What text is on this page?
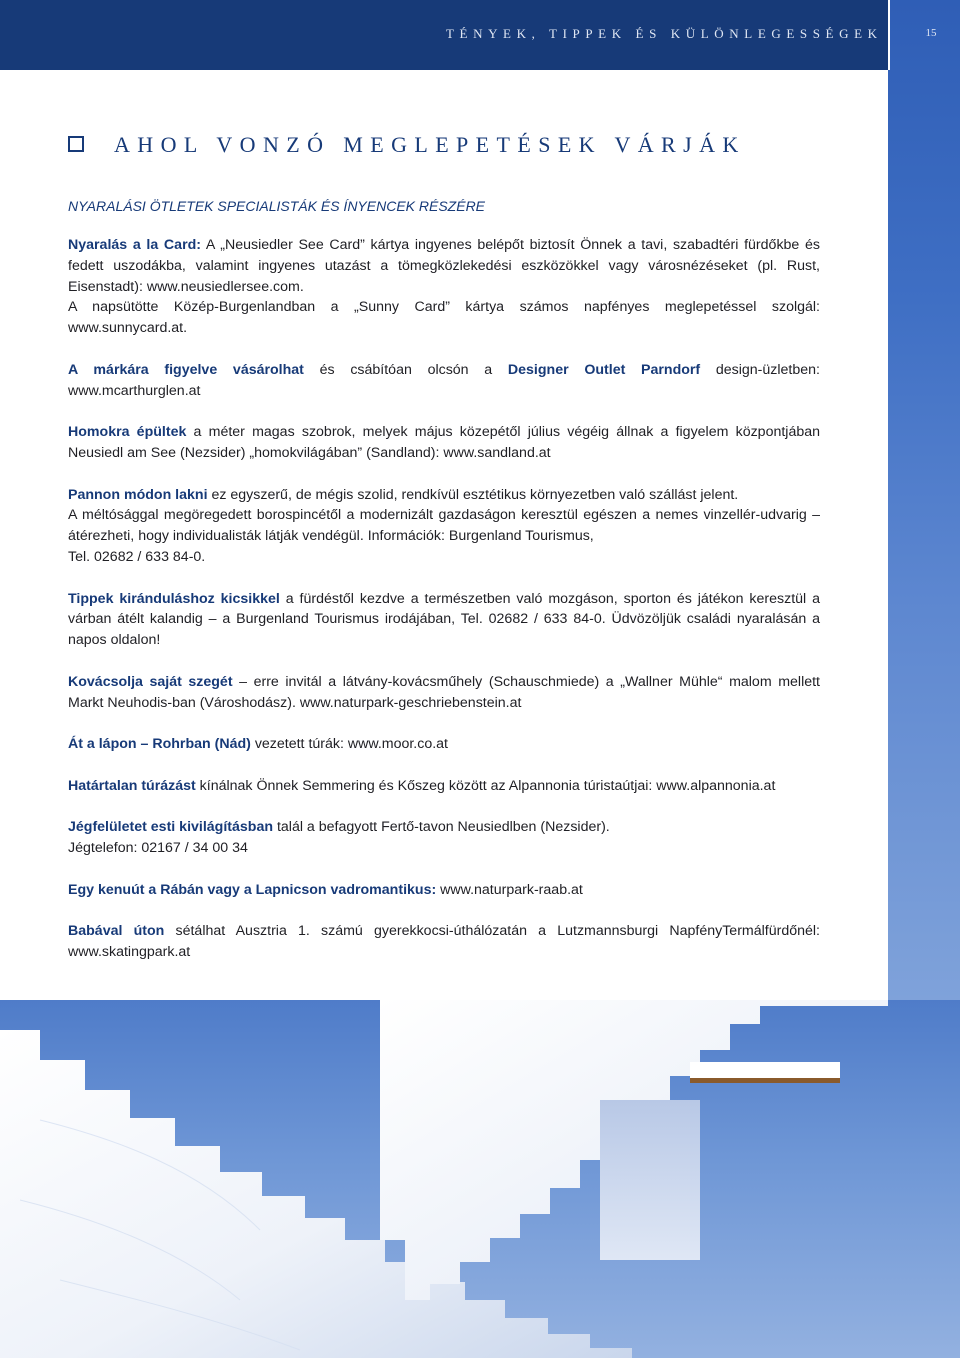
TÉNYEK, TIPPEK ÉS KÜLÖNLEGESSÉGEK	15
AHOL VONZÓ MEGLEPETÉSEK VÁRJÁK
NYARALÁSI ÖTLETEK SPECIALISTÁK ÉS ÍNYENCEK RÉSZÉRE

Nyaralás a la Card: A „Neusiedler See Card” kártya ingyenes belépőt biztosít Önnek a tavi, szabadtéri fürdőkbe és fedett uszodákba, valamint ingyenes utazást a tömegközlekedési eszközökkel vagy városnézéseket (pl. Rust, Eisenstadt): www.neusiedlersee.com.
A napsütötte Közép-Burgenlandban a „Sunny Card” kártya számos napfényes meglepetéssel szolgál: www.sunnycard.at.

A márkára figyelve vásárolhat és csábítóan olcsón a Designer Outlet Parndorf design-üzletben: www.mcarthurglen.at

Homokra épültek a méter magas szobrok, melyek május közepétől július végéig állnak a figyelem központjában Neusiedl am See (Nezsider) „homokvilágában” (Sandland): www.sandland.at

Pannon módon lakni ez egyszerű, de mégis szolid, rendkívül esztétikus környezetben való szállást jelent.
A méltósággal megöregedett borospincétől a modernizált gazdaságon keresztül egészen a nemes vinzellér-udvarig – átérezheti, hogy individualisták látják vendégül. Információk: Burgenland Tourismus,
Tel. 02682 / 633 84-0.

Tippek kiránduláshoz kicsikkel a fürdéstől kezdve a természetben való mozgáson, sporton és játékon keresztül a várban átélt kalandig – a Burgenland Tourismus irodájában, Tel. 02682 / 633 84-0. Üdvözöljük családi nyaralásán a napos oldalon!

Kovácsolja saját szegét – erre invitál a látvány-kovácsműhely (Schauschmiede) a „Wallner Mühle“ malom mellett Markt Neuhodis-ban (Városhodász). www.naturpark-geschriebenstein.at

Át a lápon – Rohrban (Nád) vezetett túrák: www.moor.co.at

Határtalan túrázást kínálnak Önnek Semmering és Kőszeg között az Alpannonia túristaútjai: www.alpannonia.at

Jégfelületet esti kivilágításban talál a befagyott Fertő-tavon Neusiedlben (Nezsider).
Jégtelefon: 02167 / 34 00 34

Egy kenuút a Rábán vagy a Lapnicson vadromantikus: www.naturpark-raab.at

Babával úton sétálhat Ausztria 1. számú gyerekkocsi-úthálózatán a Lutzmannsburgi NapfényTermálfürdőnél: www.skatingpark.at
